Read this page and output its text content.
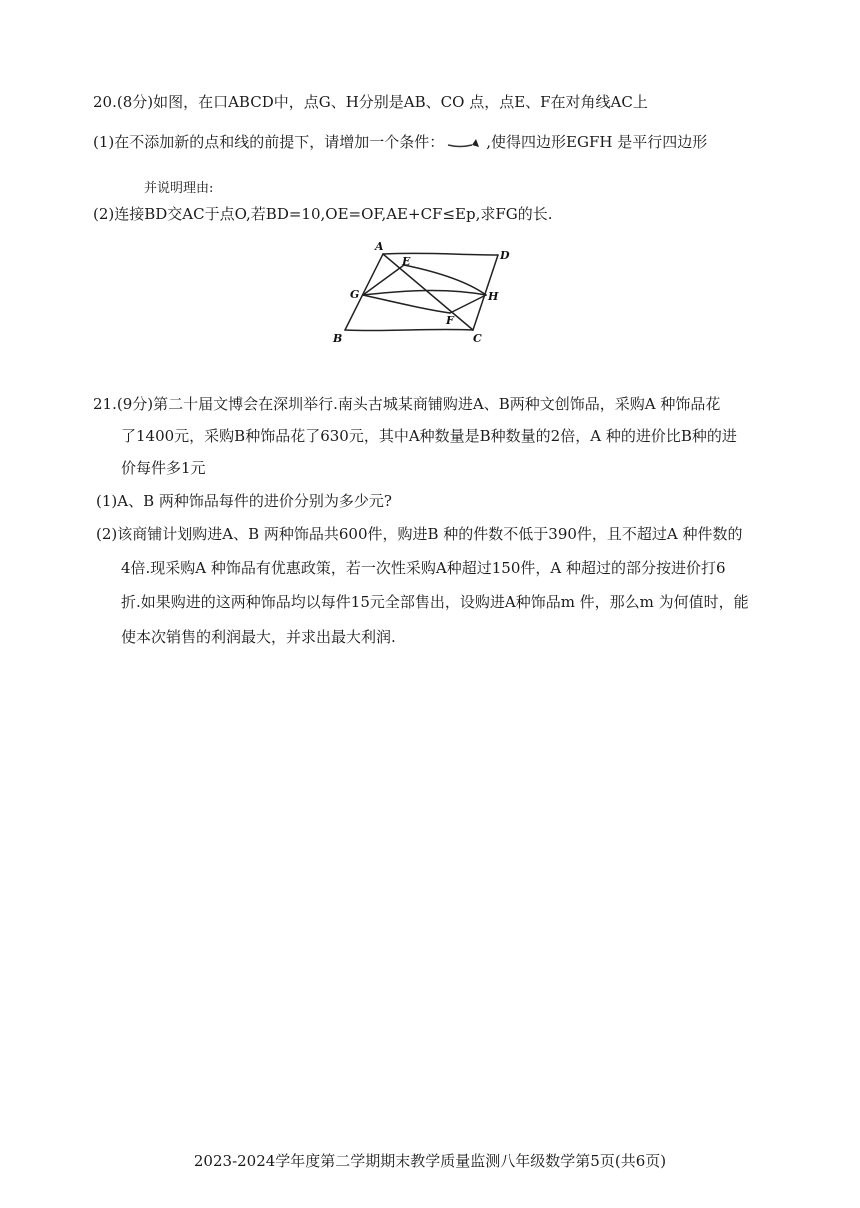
20.(8分)如图，在口ABCD中，点G、H分别是AB、CO 点，点E、F在对角线AC上
(1)在不添加新的点和线的前提下，请增加一个条件：	,使得四边形EGFH 是平行四边形
并说明理由:
(2)连接BD交AC于点O,若BD=10,OE=OF,AE+CF≤Ep,求FG的长.
A
D
E
G	H
F
B	C
21.(9分)第二十届文博会在深圳举行.南头古城某商铺购进A、B两种文创饰品，采购A 种饰品花
了1400元，采购B种饰品花了630元，其中A种数量是B种数量的2倍，A 种的进价比B种的进
价每件多1元
(1)A、B 两种饰品每件的进价分别为多少元?
(2)该商铺计划购进A、B 两种饰品共600件，购进B 种的件数不低于390件，且不超过A 种件数的
4倍.现采购A 种饰品有优惠政策，若一次性采购A种超过150件，A 种超过的部分按进价打6
折.如果购进的这两种饰品均以每件15元全部售出，设购进A种饰品m 件，那么m 为何值时，能
使本次销售的利润最大，并求出最大利润.
2023-2024学年度第二学期期末教学质量监测八年级数学第5页(共6页)
